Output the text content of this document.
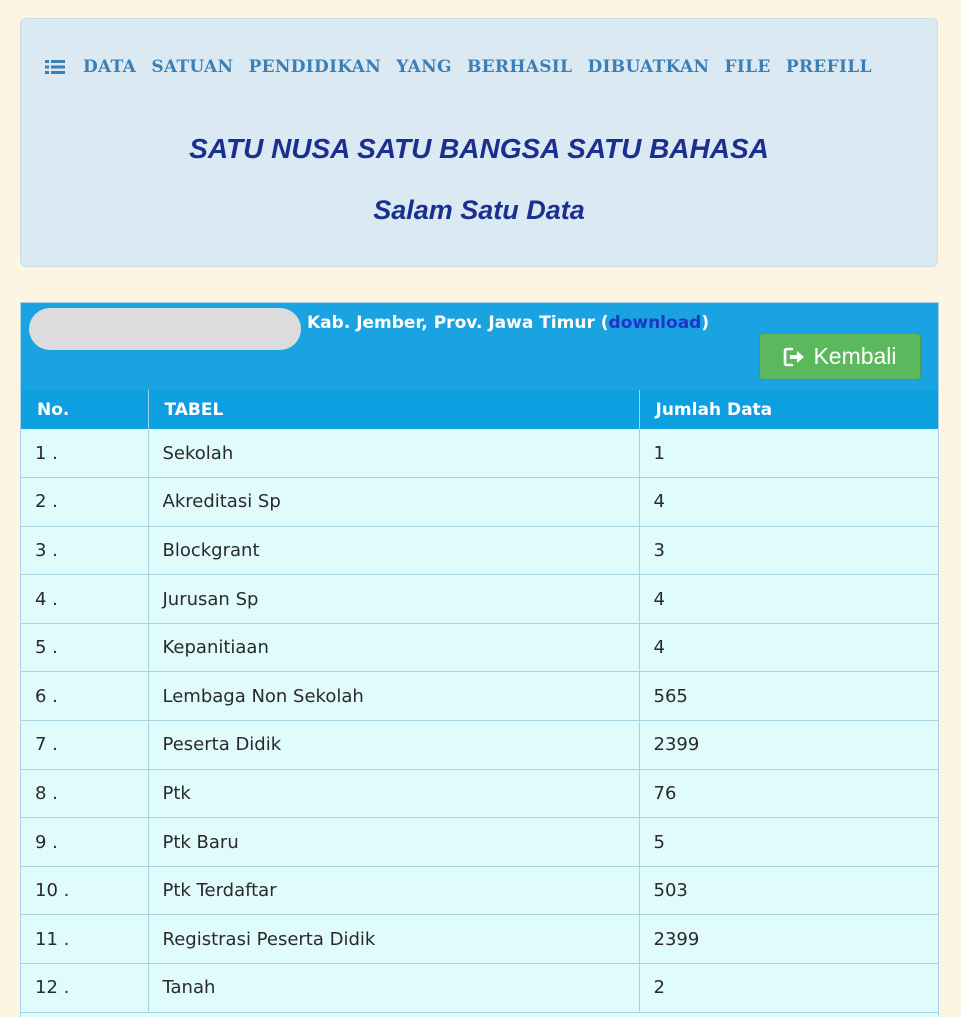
DATA SATUAN PENDIDIKAN YANG BERHASIL DIBUATKAN FILE PREFILL
SATU NUSA SATU BANGSA SATU BAHASA
Salam Satu Data
Kab. Jember, Prov. Jawa Timur (download)
Kembali
No.	TABEL	Jumlah Data
1 .	Sekolah	1
2 .	Akreditasi Sp	4
3 .	Blockgrant	3
4 .	Jurusan Sp	4
5 .	Kepanitiaan	4
6 .	Lembaga Non Sekolah	565
7 .	Peserta Didik	2399
8 .	Ptk	76
9 .	Ptk Baru	5
10 .	Ptk Terdaftar	503
11 .	Registrasi Peserta Didik	2399
12 .	Tanah	2
